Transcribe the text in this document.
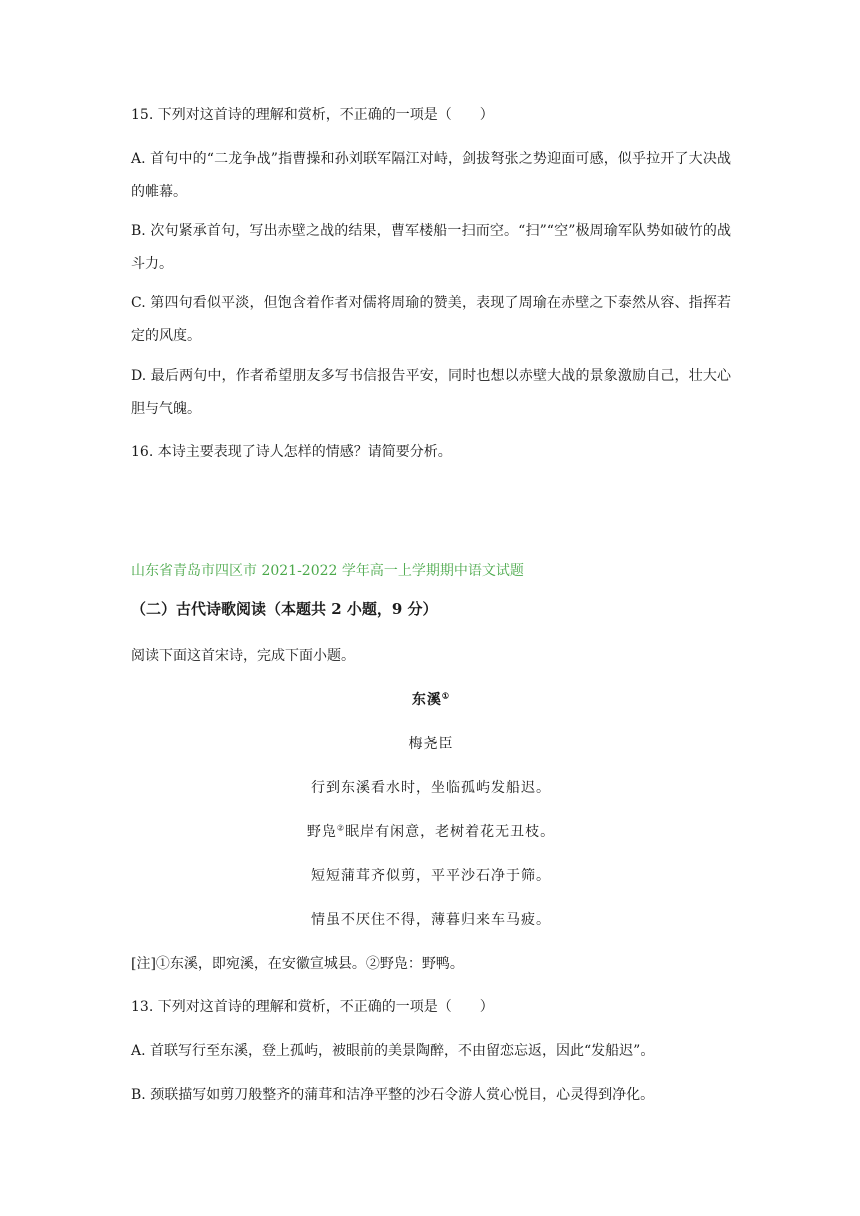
15. 下列对这首诗的理解和赏析，不正确的一项是（　　）
A. 首句中的“二龙争战”指曹操和孙刘联军隔江对峙，剑拔弩张之势迎面可感，似乎拉开了大决战的帷幕。
B. 次句紧承首句，写出赤壁之战的结果，曹军楼船一扫而空。“扫”“空”极周瑜军队势如破竹的战斗力。
C. 第四句看似平淡，但饱含着作者对儒将周瑜的赞美，表现了周瑜在赤壁之下泰然从容、指挥若定的风度。
D. 最后两句中，作者希望朋友多写书信报告平安，同时也想以赤壁大战的景象激励自己，壮大心胆与气魄。
16. 本诗主要表现了诗人怎样的情感？请简要分析。
山东省青岛市四区市 2021-2022 学年高一上学期期中语文试题
（二）古代诗歌阅读（本题共 2 小题，9 分）
阅读下面这首宋诗，完成下面小题。
东溪①
梅尧臣
行到东溪看水时，坐临孤屿发船迟。
野凫②眠岸有闲意，老树着花无丑枝。
短短蒲茸齐似剪，平平沙石净于筛。
情虽不厌住不得，薄暮归来车马疲。
[注]①东溪，即宛溪，在安徽宣城县。②野凫：野鸭。
13. 下列对这首诗的理解和赏析，不正确的一项是（　　）
A. 首联写行至东溪，登上孤屿，被眼前的美景陶醉，不由留恋忘返，因此“发船迟”。
B. 颈联描写如剪刀般整齐的蒲茸和洁净平整的沙石令游人赏心悦目，心灵得到净化。
